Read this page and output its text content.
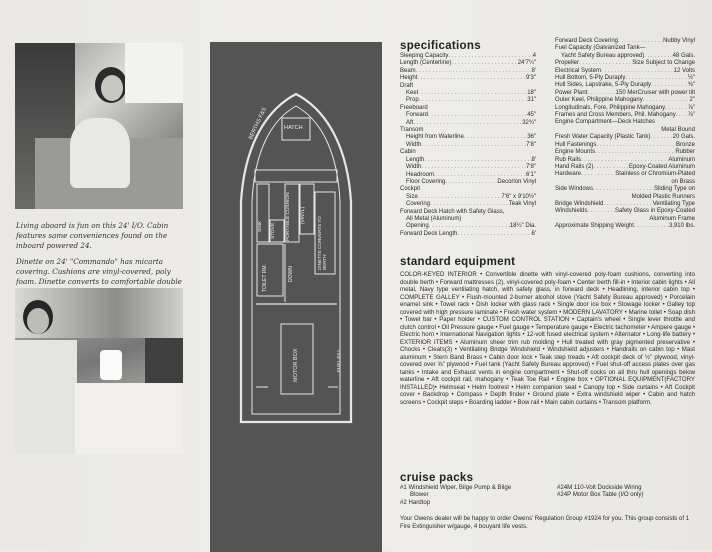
Living aboard is fun on this 24' I/O. Cabin features same conveniences found on the inboard powered 24.

Dinette on 24' "Commando" has micarta covering. Cushions are vinyl-covered, poly foam. Dinette converts to comfortable double

BERTHS F&S	HATCH
PORTABLE CUSHION
STOVE
SINK
(VINYL)
DINETTE CONVERTS TO BERTH
TOILET RM.	DOWN
FUEL FILL
MOTOR BOX
specifications
Sleeping Capacity . . .	4
Length (Centerline) . . .	24'7¼"
Beam . . .	8'
Height . . .	9'3"
Draft
Keel . . .	18"
Prop . . .	31"
Freeboard
Forward . . .	45"
Aft . . .	32¾"
Transom
Height from Waterline . . .	36"
Width . . .	7'8"
Cabin
Length . . .	8'
Width . . .	7'8"
Headroom . . .	6'1"
Floor Covering . . .	Decorlon Vinyl
Cockpit
Size . . .	7'6" x 9'10½"
Covering . . .	Teak Vinyl
Forward Deck Hatch with Safety Glass,
All Metal (Aluminum)
Opening . . .	18¼" Dia.
Forward Deck Length . . .	6'
Forward Deck Covering . . .	Nubby Vinyl
Fuel Capacity (Galvanized Tank—
Yacht Safety Bureau approved) . . .	48 Gals.
Propeller . . .	Size Subject to Change
Electrical System . . .	12 Volts
Hull Bottom, 5-Ply Duraply . . .	½"
Hull Sides, Lapstrake, 5-Ply Duraply . . .	⅜"
Power Plant . . .	150 MerCruiser with power tilt
Outer Keel, Philippine Mahogany . . .	2"
Longitudinals, Fore, Philippine Mahogany . . .	⅞"
Frames and Cross Members, Phil. Mahogany . . . ⅞"
Engine Compartment—Deck Hatches
Metal Bound
Fresh Water Capacity (Plastic Tank) . . .	20 Gals.
Hull Fastenings . . .	Bronze
Engine Mounts . . .	Rubber
Rub Rails . . .	Aluminum
Hand Rails (2) . . .	Epoxy-Coated Aluminum
Hardware . . .	Stainless or Chromium-Plated
on Brass
Side Windows . . .	Sliding Type on
Molded Plastic Runners
Bridge Windshield . . .	Ventilating Type
Windshields . . .	Safety Glass in Epoxy-Coated
Aluminum Frame
Approximate Shipping Weight . . .	3,910 lbs.
standard equipment

COLOR-KEYED INTERIOR • Convertible dinette with vinyl-covered poly-foam cushions, converting into double berth • Forward mattresses (2), vinyl-covered poly-foam • Center berth fill-in • Interior cabin lights • All metal, Navy type ventilating hatch, with safety glass, in forward deck • Headlining, interior cabin top • COMPLETE GALLEY • Flush-mounted 2-burner alcohol stove (Yacht Safety Bureau approved) • Porcelain enamel sink • Towel rack • Dish locker with glass rack • Single door ice box • Stowage locker • Galley top covered with high pressure laminate • Fresh water system • MODERN LAVATORY • Marine toilet • Soap dish • Towel bar • Paper holder • CUSTOM CONTROL STATION • Captain's wheel • Single lever throttle and clutch control • Oil Pressure gauge • Fuel gauge • Temperature gauge • Electric tachometer • Ampere gauge • Electric horn • International Navigation lights • 12-volt fused electrical system • Alternator • Long-life battery • EXTERIOR ITEMS • Aluminum sheer trim rub molding • Hull treated with gray pigmented preservative • Chocks • Cleats(3) • Ventilating Bridge Windshield • Windshield adjusters • Handrails on cabin top • Mast aluminum • Stern Band Brass • Cabin door lock • Teak step treads • Aft cockpit deck of ½" plywood, vinyl-covered over ⅝" plywood • Fuel tank (Yacht Safety Bureau approved) • Fuel shut-off access plates over gas tanks • Intake and Exhaust vents in engine compartment • Shut-off cocks on all thru hull openings below waterline • Aft cockpit rail, mahogany • Teak Toe Rail • Engine box • OPTIONAL EQUIPMENT(FACTORY INSTALLED)• Helmseat • Helm footrest • Helm companion seat • Canopy top • Side curtains • Aft Cockpit cover • Backdrop • Compass • Depth finder • Ground plate • Extra windshield wiper • Cabin and hatch screens • Cockpit steps • Boarding ladder • Bow rail • Main cabin curtains • Transom platform.

cruise packs
#1 Windshield Wiper, Bilge Pump & Bilge
Blower
#2 Hardtop
#24M 110-Volt Dockside Wiring
#24P Motor Box Table (I/O only)
Your Owens dealer will be happy to order Owens' Regulation Group #1924 for you. This group consists of 1 Fire Extinguisher w/gauge, 4 bouyant life vests.
